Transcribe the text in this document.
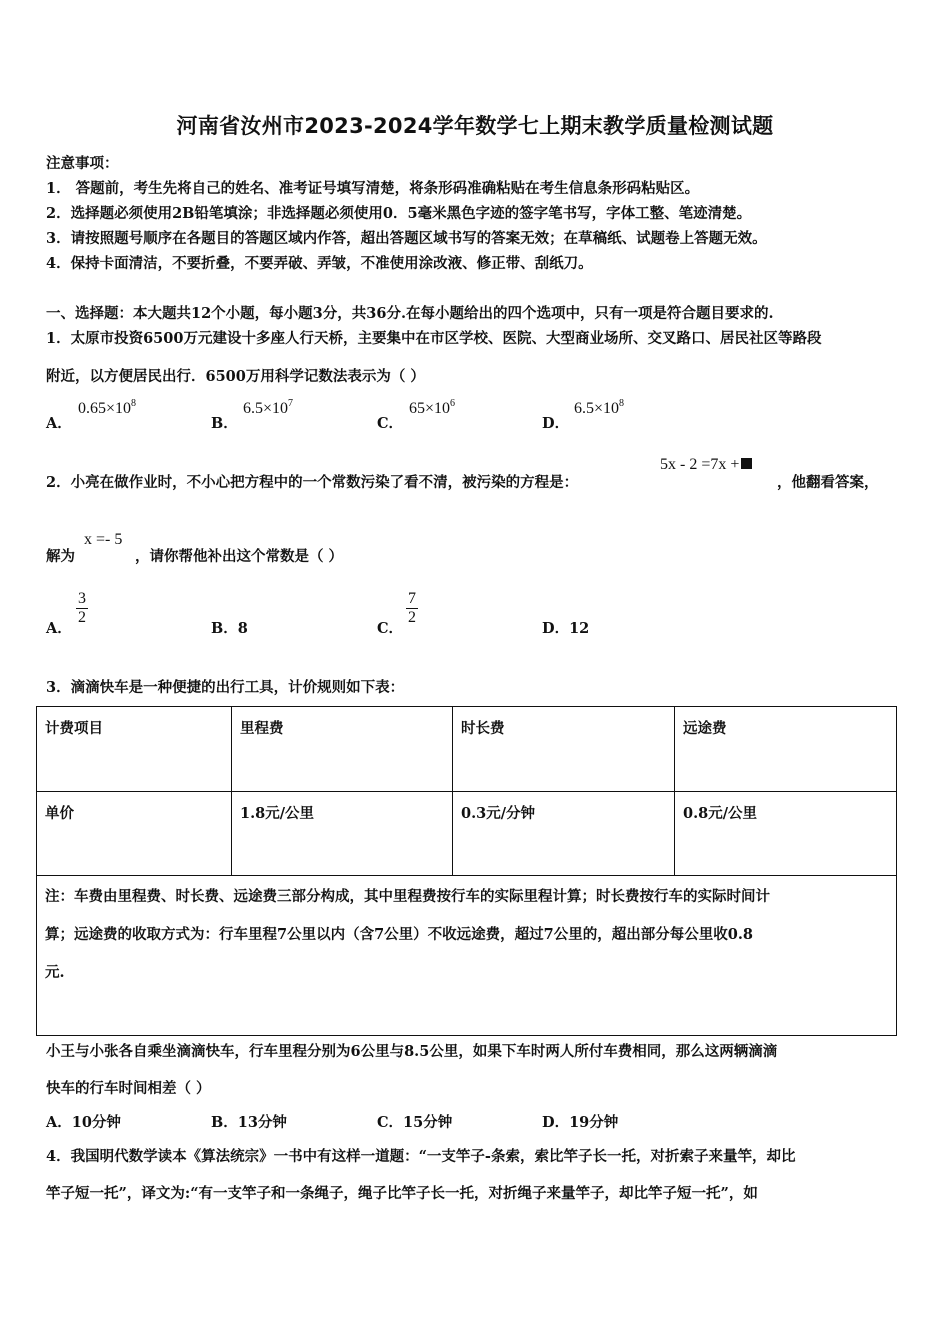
河南省汝州市2023-2024学年数学七上期末教学质量检测试题
注意事项：
1． 答题前，考生先将自己的姓名、准考证号填写清楚，将条形码准确粘贴在考生信息条形码粘贴区。
2．选择题必须使用2B铅笔填涂；非选择题必须使用0．5毫米黑色字迹的签字笔书写，字体工整、笔迹清楚。
3．请按照题号顺序在各题目的答题区域内作答，超出答题区域书写的答案无效；在草稿纸、试题卷上答题无效。
4．保持卡面清洁，不要折叠，不要弄破、弄皱，不准使用涂改液、修正带、刮纸刀。
一、选择题：本大题共12个小题，每小题3分，共36分.在每小题给出的四个选项中，只有一项是符合题目要求的.
1．太原市投资6500万元建设十多座人行天桥，主要集中在市区学校、医院、大型商业场所、交叉路口、居民社区等路段
附近，以方便居民出行．6500万用科学记数法表示为（ ）
A．
$0.65\times 10^8$
B．
$6.5\times 10^7$
C．
$65\times 10^6$
D．
$6.5\times 10^8$
2．小亮在做作业时，不小心把方程中的一个常数污染了看不清，被污染的方程是：
5x - 2 =7x +
，他翻看答案，
解为
x =- 5
，请你帮他补出这个常数是（ ）
A．
$\frac{3}{2}$
B．8	C．
$\frac{7}{2}$
D．12
3．滴滴快车是一种便捷的出行工具，计价规则如下表：
计费项目	里程费	时长费	远途费
单价	1.8元/公里	0.3元/分钟	0.8元/公里

注：车费由里程费、时长费、远途费三部分构成，其中里程费按行车的实际里程计算；时长费按行车的实际时间计
算；远途费的收取方式为：行车里程7公里以内（含7公里）不收远途费，超过7公里的，超出部分每公里收0.8
元.			
小王与小张各自乘坐滴滴快车，行车里程分别为6公里与8.5公里，如果下车时两人所付车费相同，那么这两辆滴滴
快车的行车时间相差（ ）
A．10分钟	B．13分钟	C．15分钟	D．19分钟
4．我国明代数学读本《算法统宗》一书中有这样一道题：“一支竿子-条索，索比竿子长一托，对折索子来量竿，却比
竿子短一托”，译文为:“有一支竿子和一条绳子，绳子比竿子长一托，对折绳子来量竿子，却比竿子短一托”，如
